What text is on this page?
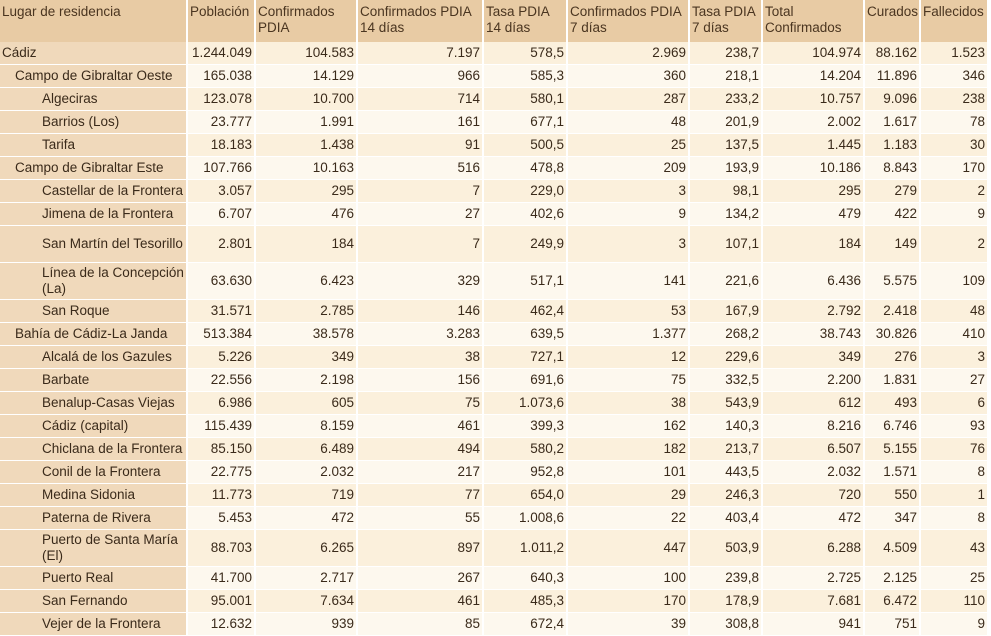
Lugar de residencia	Población	Confirmados PDIA	Confirmados PDIA 14 días	Tasa PDIA 14 días	Confirmados PDIA 7 días	Tasa PDIA 7 días	Total Confirmados	Curados	Fallecidos
Cádiz	1.244.049	104.583	7.197	578,5	2.969	238,7	104.974	88.162	1.523
Campo de Gibraltar Oeste	165.038	14.129	966	585,3	360	218,1	14.204	11.896	346
Algeciras	123.078	10.700	714	580,1	287	233,2	10.757	9.096	238
Barrios (Los)	23.777	1.991	161	677,1	48	201,9	2.002	1.617	78
Tarifa	18.183	1.438	91	500,5	25	137,5	1.445	1.183	30
Campo de Gibraltar Este	107.766	10.163	516	478,8	209	193,9	10.186	8.843	170
Castellar de la Frontera	3.057	295	7	229,0	3	98,1	295	279	2
Jimena de la Frontera	6.707	476	27	402,6	9	134,2	479	422	9
San Martín del Tesorillo	2.801	184	7	249,9	3	107,1	184	149	2
Línea de la Concepción (La)	63.630	6.423	329	517,1	141	221,6	6.436	5.575	109
San Roque	31.571	2.785	146	462,4	53	167,9	2.792	2.418	48
Bahía de Cádiz-La Janda	513.384	38.578	3.283	639,5	1.377	268,2	38.743	30.826	410
Alcalá de los Gazules	5.226	349	38	727,1	12	229,6	349	276	3
Barbate	22.556	2.198	156	691,6	75	332,5	2.200	1.831	27
Benalup-Casas Viejas	6.986	605	75	1.073,6	38	543,9	612	493	6
Cádiz (capital)	115.439	8.159	461	399,3	162	140,3	8.216	6.746	93
Chiclana de la Frontera	85.150	6.489	494	580,2	182	213,7	6.507	5.155	76
Conil de la Frontera	22.775	2.032	217	952,8	101	443,5	2.032	1.571	8
Medina Sidonia	11.773	719	77	654,0	29	246,3	720	550	1
Paterna de Rivera	5.453	472	55	1.008,6	22	403,4	472	347	8
Puerto de Santa María (El)	88.703	6.265	897	1.011,2	447	503,9	6.288	4.509	43
Puerto Real	41.700	2.717	267	640,3	100	239,8	2.725	2.125	25
San Fernando	95.001	7.634	461	485,3	170	178,9	7.681	6.472	110
Vejer de la Frontera	12.632	939	85	672,4	39	308,8	941	751	9
